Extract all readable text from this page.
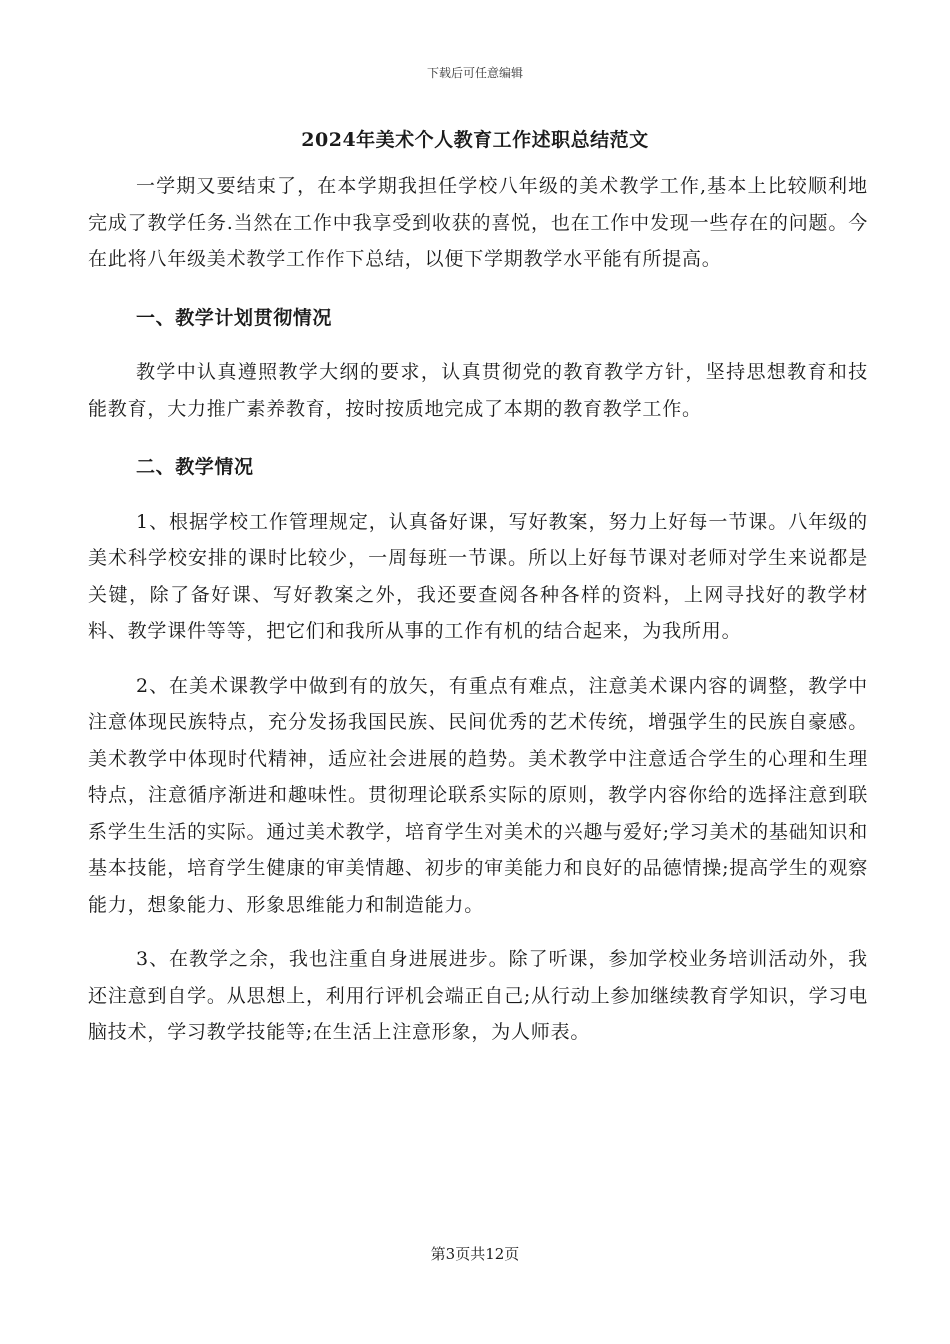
下载后可任意编辑
2024年美术个人教育工作述职总结范文

一学期又要结束了，在本学期我担任学校八年级的美术教学工作,基本上比较顺利地完成了教学任务.当然在工作中我享受到收获的喜悦，也在工作中发现一些存在的问题。今在此将八年级美术教学工作作下总结，以便下学期教学水平能有所提高。

一、教学计划贯彻情况

教学中认真遵照教学大纲的要求，认真贯彻党的教育教学方针，坚持思想教育和技能教育，大力推广素养教育，按时按质地完成了本期的教育教学工作。

二、教学情况

1、根据学校工作管理规定，认真备好课，写好教案，努力上好每一节课。八年级的美术科学校安排的课时比较少，一周每班一节课。所以上好每节课对老师对学生来说都是关键，除了备好课、写好教案之外，我还要查阅各种各样的资料，上网寻找好的教学材料、教学课件等等，把它们和我所从事的工作有机的结合起来，为我所用。

2、在美术课教学中做到有的放矢，有重点有难点，注意美术课内容的调整，教学中注意体现民族特点，充分发扬我国民族、民间优秀的艺术传统，增强学生的民族自豪感。美术教学中体现时代精神，适应社会进展的趋势。美术教学中注意适合学生的心理和生理特点，注意循序渐进和趣味性。贯彻理论联系实际的原则，教学内容你给的选择注意到联系学生生活的实际。通过美术教学，培育学生对美术的兴趣与爱好;学习美术的基础知识和基本技能，培育学生健康的审美情趣、初步的审美能力和良好的品德情操;提高学生的观察能力，想象能力、形象思维能力和制造能力。

3、在教学之余，我也注重自身进展进步。除了听课，参加学校业务培训活动外，我还注意到自学。从思想上，利用行评机会端正自己;从行动上参加继续教育学知识，学习电脑技术，学习教学技能等;在生活上注意形象，为人师表。

第3页共12页
